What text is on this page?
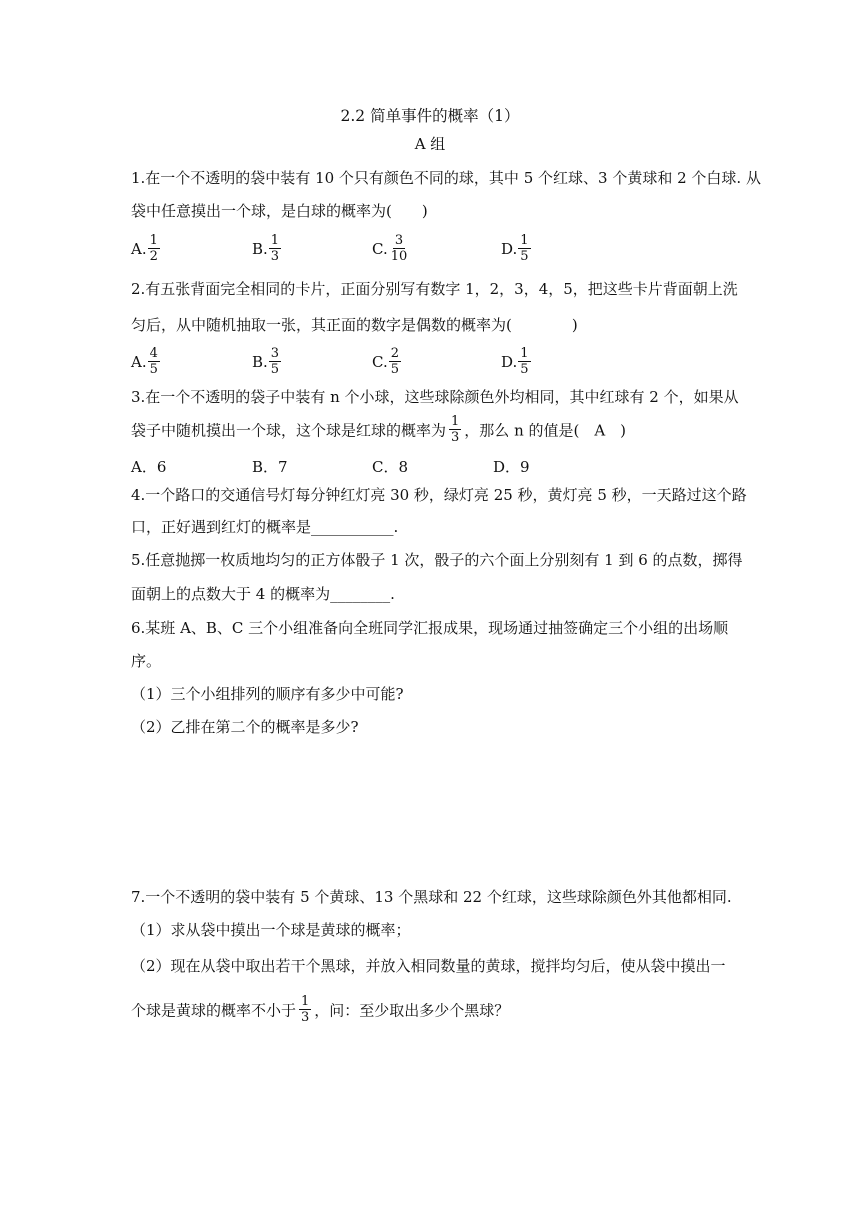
2.2 简单事件的概率（1）
A 组
1.在一个不透明的袋中装有 10 个只有颜色不同的球，其中 5 个红球、3 个黄球和 2 个白球. 从
袋中任意摸出一个球，是白球的概率为(　　)
A. $\frac{1}{2}$	B. $\frac{1}{3}$	C. $\frac{3}{10}$	D. $\frac{1}{5}$
2.有五张背面完全相同的卡片，正面分别写有数字 1，2，3，4，5，把这些卡片背面朝上洗
匀后，从中随机抽取一张，其正面的数字是偶数的概率为(　　　　)
A. $\frac{4}{5}$	B. $\frac{3}{5}$	C. $\frac{2}{5}$	D. $\frac{1}{5}$
3.在一个不透明的袋子中装有 n 个小球，这些球除颜色外均相同，其中红球有 2 个，如果从
袋子中随机摸出一个球，这个球是红球的概率为 $\frac{1}{3}$ ，那么 n 的值是(　A　)
A．6	B．7	C．8	D．9
4.一个路口的交通信号灯每分钟红灯亮 30 秒，绿灯亮 25 秒，黄灯亮 5 秒，一天路过这个路
口，正好遇到红灯的概率是___________.
5.任意抛掷一枚质地均匀的正方体骰子 1 次，骰子的六个面上分别刻有 1 到 6 的点数，掷得
面朝上的点数大于 4 的概率为________.
6.某班 A、B、C 三个小组准备向全班同学汇报成果，现场通过抽签确定三个小组的出场顺
序。
（1）三个小组排列的顺序有多少中可能?
（2）乙排在第二个的概率是多少?
7.一个不透明的袋中装有 5 个黄球、13 个黑球和 22 个红球，这些球除颜色外其他都相同.
（1）求从袋中摸出一个球是黄球的概率；
（2）现在从袋中取出若干个黑球，并放入相同数量的黄球，搅拌均匀后，使从袋中摸出一
个球是黄球的概率不小于 $\frac{1}{3}$ ，问：至少取出多少个黑球？
